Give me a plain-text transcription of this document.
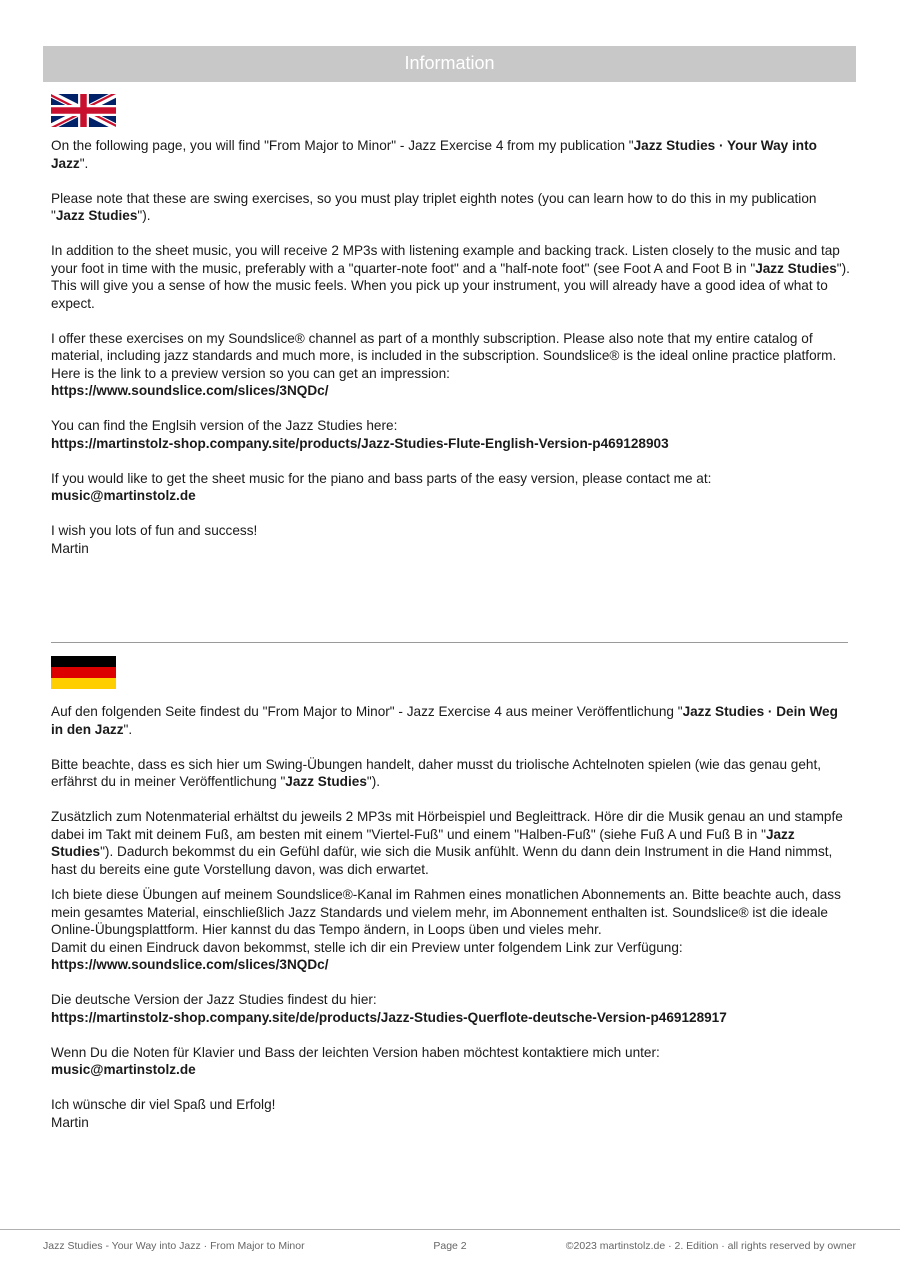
Information

On the following page, you will find "From Major to Minor" - Jazz Exercise 4 from my publication "Jazz Studies · Your Way into Jazz".

Please note that these are swing exercises, so you must play triplet eighth notes (you can learn how to do this in my publication "Jazz Studies").

In addition to the sheet music, you will receive 2 MP3s with listening example and backing track. Listen closely to the music and tap your foot in time with the music, preferably with a "quarter-note foot" and a "half-note foot" (see Foot A and Foot B in "Jazz Studies"). This will give you a sense of how the music feels. When you pick up your instrument, you will already have a good idea of what to expect.

I offer these exercises on my Soundslice® channel as part of a monthly subscription. Please also note that my entire catalog of material, including jazz standards and much more, is included in the subscription. Soundslice® is the ideal online practice platform. Here is the link to a preview version so you can get an impression:
https://www.soundslice.com/slices/3NQDc/

You can find the Englsih version of the Jazz Studies here:
https://martinstolz-shop.company.site/products/Jazz-Studies-Flute-English-Version-p469128903

If you would like to get the sheet music for the piano and bass parts of the easy version, please contact me at:
music@martinstolz.de

I wish you lots of fun and success!
Martin

Auf den folgenden Seite findest du "From Major to Minor" - Jazz Exercise 4 aus meiner Veröffentlichung "Jazz Studies · Dein Weg in den Jazz".

Bitte beachte, dass es sich hier um Swing-Übungen handelt, daher musst du triolische Achtelnoten spielen (wie das genau geht, erfährst du in meiner Veröffentlichung "Jazz Studies").

Zusätzlich zum Notenmaterial erhältst du jeweils 2 MP3s mit Hörbeispiel und Begleittrack. Höre dir die Musik genau an und stampfe dabei im Takt mit deinem Fuß, am besten mit einem "Viertel-Fuß" und einem "Halben-Fuß" (siehe Fuß A und Fuß B in "Jazz Studies"). Dadurch bekommst du ein Gefühl dafür, wie sich die Musik anfühlt. Wenn du dann dein Instrument in die Hand nimmst, hast du bereits eine gute Vorstellung davon, was dich erwartet.

Ich biete diese Übungen auf meinem Soundslice®-Kanal im Rahmen eines monatlichen Abonnements an. Bitte beachte auch, dass mein gesamtes Material, einschließlich Jazz Standards und vielem mehr, im Abonnement enthalten ist. Soundslice® ist die ideale Online-Übungsplattform. Hier kannst du das Tempo ändern, in Loops üben und vieles mehr.
Damit du einen Eindruck davon bekommst, stelle ich dir ein Preview unter folgendem Link zur Verfügung:
https://www.soundslice.com/slices/3NQDc/

Die deutsche Version der Jazz Studies findest du hier:
https://martinstolz-shop.company.site/de/products/Jazz-Studies-Querflote-deutsche-Version-p469128917

Wenn Du die Noten für Klavier und Bass der leichten Version haben möchtest kontaktiere mich unter:
music@martinstolz.de

Ich wünsche dir viel Spaß und Erfolg!
Martin

Jazz Studies - Your Way into Jazz · From Major to Minor	Page 2	©2023 martinstolz.de · 2. Edition · all rights reserved by owner
